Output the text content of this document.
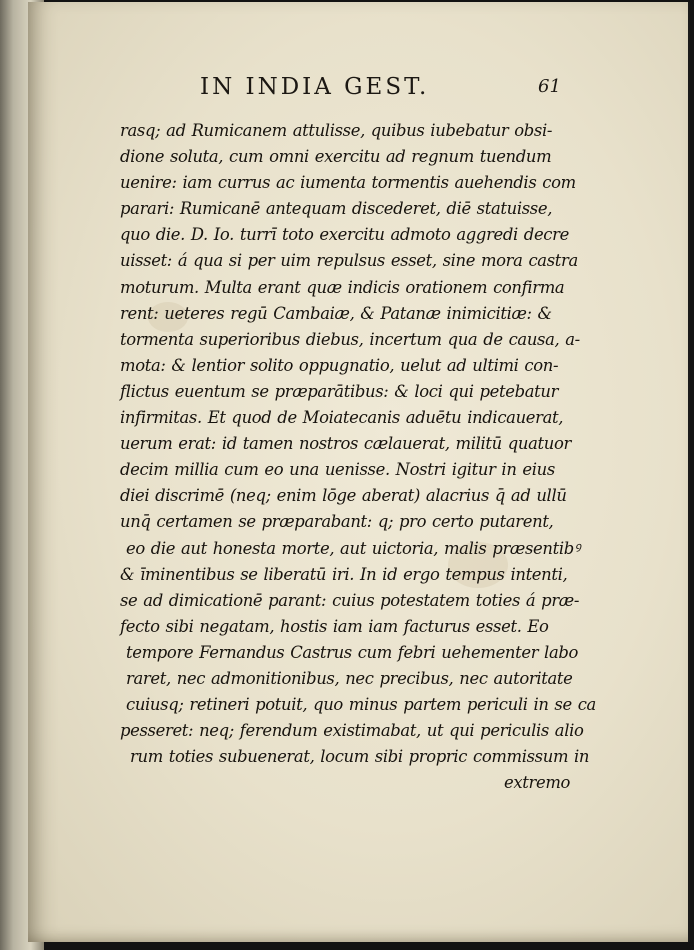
IN INDIA GEST.	61
rasq; ad Rumicanem attulisse, quibus iubebatur obsi-
dione soluta, cum omni exercitu ad regnum tuendum
uenire: iam currus ac iumenta tormentis auehendis com
parari: Rumicanē antequam discederet, diē statuisse,
quo die. D. Io. turrī toto exercitu admoto aggredi decre
uisset: á qua si per uim repulsus esset, sine mora castra
moturum. Multa erant quæ indicis orationem confirma
rent: ueteres regū Cambaiæ, & Patanæ inimicitiæ: &
tormenta superioribus diebus, incertum qua de causa, a-
mota: & lentior solito oppugnatio, uelut ad ultimi con-
flictus euentum se præparātibus: & loci qui petebatur
infirmitas. Et quod de Moiatecanis aduētu indicauerat,
uerum erat: id tamen nostros cælauerat, militū quatuor
decim millia cum eo una uenisse. Nostri igitur in eius
diei discrimē (neq; enim lōge aberat) alacrius q̄ ad ullū
unq̄ certamen se præparabant: q; pro certo putarent,
eo die aut honesta morte, aut uictoria, malis præsentibꝰ
& īminentibus se liberatū iri. In id ergo tempus intenti,
se ad dimicationē parant: cuius potestatem toties á præ-
fecto sibi negatam, hostis iam iam facturus esset. Eo
tempore Fernandus Castrus cum febri uehementer labo
raret, nec admonitionibus, nec precibus, nec autoritate
cuiusq; retineri potuit, quo minus partem periculi in se ca
pesseret: neq; ferendum existimabat, ut qui periculis alio
rum toties subuenerat, locum sibi propric commissum in
extremo
